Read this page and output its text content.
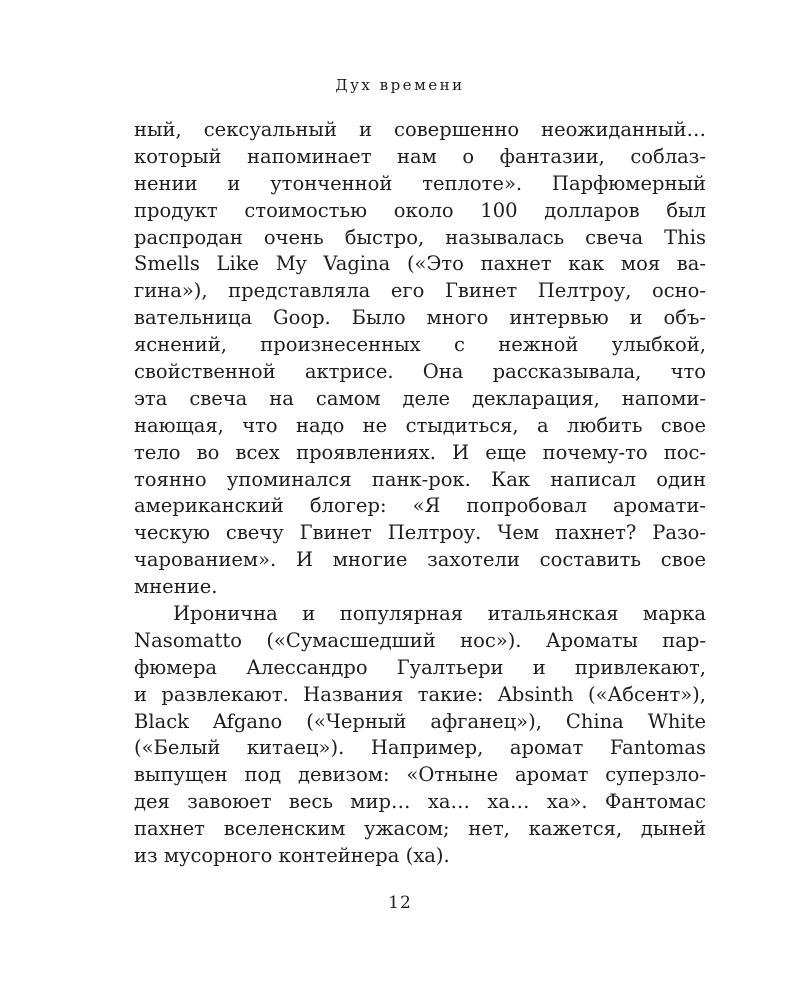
Дух времени
ный, сексуальный и совершенно неожиданный…
который напоминает нам о фантазии, соблаз-
нении и утонченной теплоте». Парфюмерный
продукт стоимостью около 100 долларов был
распродан очень быстро, называлась свеча This
Smells Like My Vagina («Это пахнет как моя ва-
гина»), представляла его Гвинет Пелтроу, осно-
вательница Goop. Было много интервью и объ-
яснений, произнесенных с нежной улыбкой,
свойственной актрисе. Она рассказывала, что
эта свеча на самом деле декларация, напоми-
нающая, что надо не стыдиться, а любить свое
тело во всех проявлениях. И еще почему-то пос-
тоянно упоминался панк-рок. Как написал один
американский блогер: «Я попробовал аромати-
ческую свечу Гвинет Пелтроу. Чем пахнет? Разо-
чарованием». И многие захотели составить свое
мнение.
Иронична и популярная итальянская марка
Nasomatto («Сумасшедший нос»). Ароматы пар-
фюмера Алессандро Гуалтьери и привлекают,
и развлекают. Названия такие: Absinth («Абсент»),
Black Afgano («Черный афганец»), China White
(«Белый китаец»). Например, аромат Fantomas
выпущен под девизом: «Отныне аромат суперзло-
дея завоюет весь мир… ха… ха… ха». Фантомас
пахнет вселенским ужасом; нет, кажется, дыней
из мусорного контейнера (ха).
12
